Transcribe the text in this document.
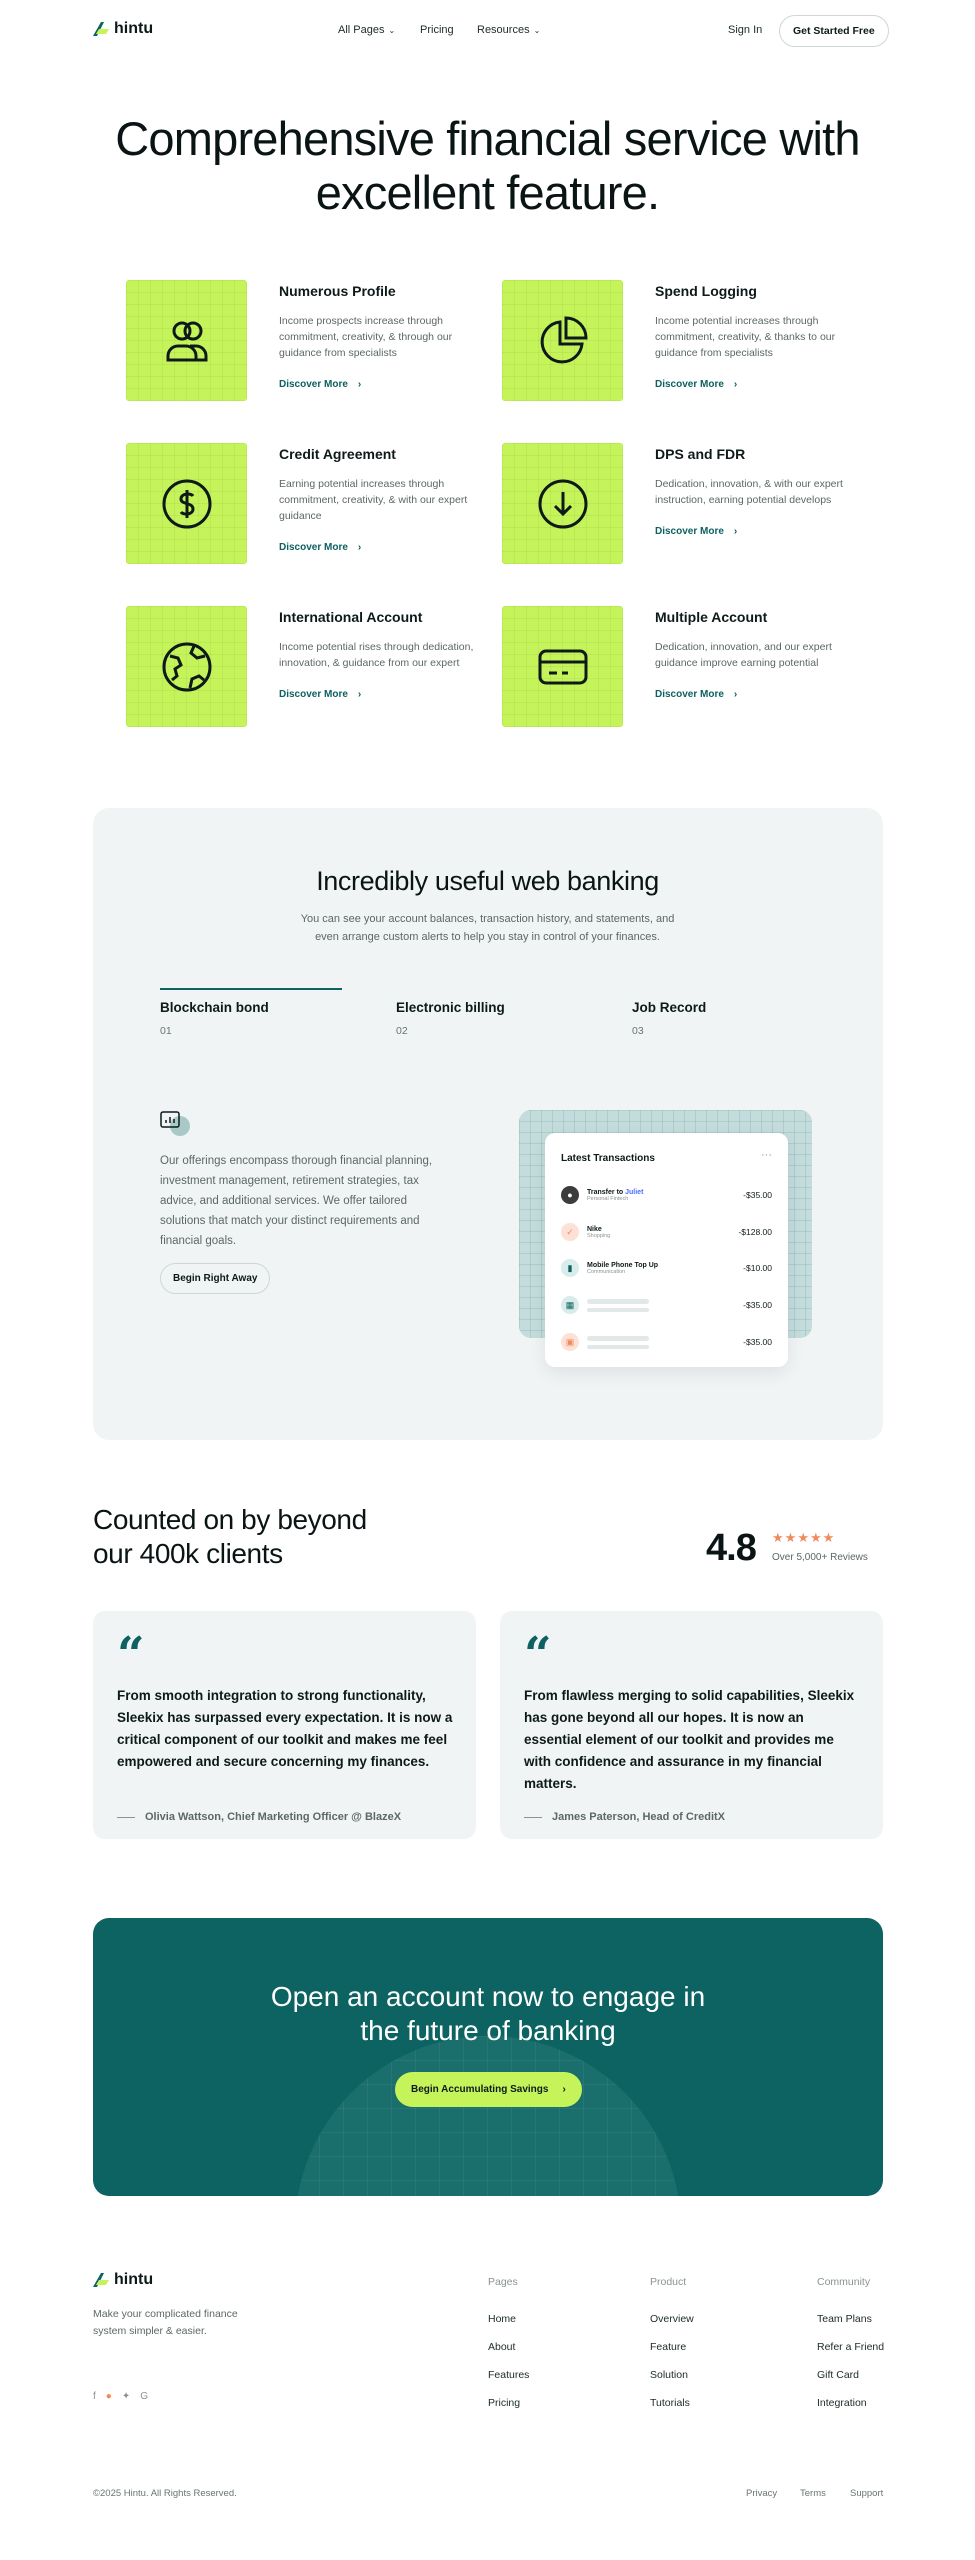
hintu	All Pages ⌄ Pricing Resources ⌄	Sign In	Get Started Free
Comprehensive financial service with
excellent feature.
Numerous Profile
Income prospects increase through commitment, creativity, & through our guidance from specialists
Discover More ›
Spend Logging
Income potential increases through commitment, creativity, & thanks to our guidance from specialists
Discover More ›
Credit Agreement
Earning potential increases through commitment, creativity, & with our expert guidance
Discover More ›
DPS and FDR
Dedication, innovation, & with our expert instruction, earning potential develops
Discover More ›
International Account
Income potential rises through dedication, innovation, & guidance from our expert
Discover More ›
Multiple Account
Dedication, innovation, and our expert guidance improve earning potential
Discover More ›
Incredibly useful web banking
You can see your account balances, transaction history, and statements, and
even arrange custom alerts to help you stay in control of your finances.
Blockchain bond
01
Electronic billing
02
Job Record
03
Our offerings encompass thorough financial planning,
investment management, retirement strategies, tax
advice, and additional services. We offer tailored
solutions that match your distinct requirements and
financial goals.
Begin Right Away
Latest Transactions	···
●	Transfer to Juliet
Personal Fintech	-$35.00
✓	Nike
Shopping	-$128.00
▮	Mobile Phone Top Up
Communication	-$10.00
▦	-$35.00
▣	-$35.00
Counted on by beyond
our 400k clients	4.8 ★★★★★
Over 5,000+ Reviews
“
From smooth integration to strong functionality, Sleekix has surpassed every expectation. It is now a critical component of our toolkit and makes me feel empowered and secure concerning my finances.
Olivia Wattson, Chief Marketing Officer @ BlazeX
“
From flawless merging to solid capabilities, Sleekix has gone beyond all our hopes. It is now an essential element of our toolkit and provides me with confidence and assurance in my financial matters.
James Paterson, Head of CreditX
Open an account now to engage in
the future of banking
Begin Accumulating Savings ›
hintu
Make your complicated finance
system simpler & easier.
f ● ✦ G
Pages
Home
About
Features
Pricing
Product
Overview
Feature
Solution
Tutorials
Community
Team Plans
Refer a Friend
Gift Card
Integration
©2025 Hintu. All Rights Reserved.	Privacy Terms	Support
